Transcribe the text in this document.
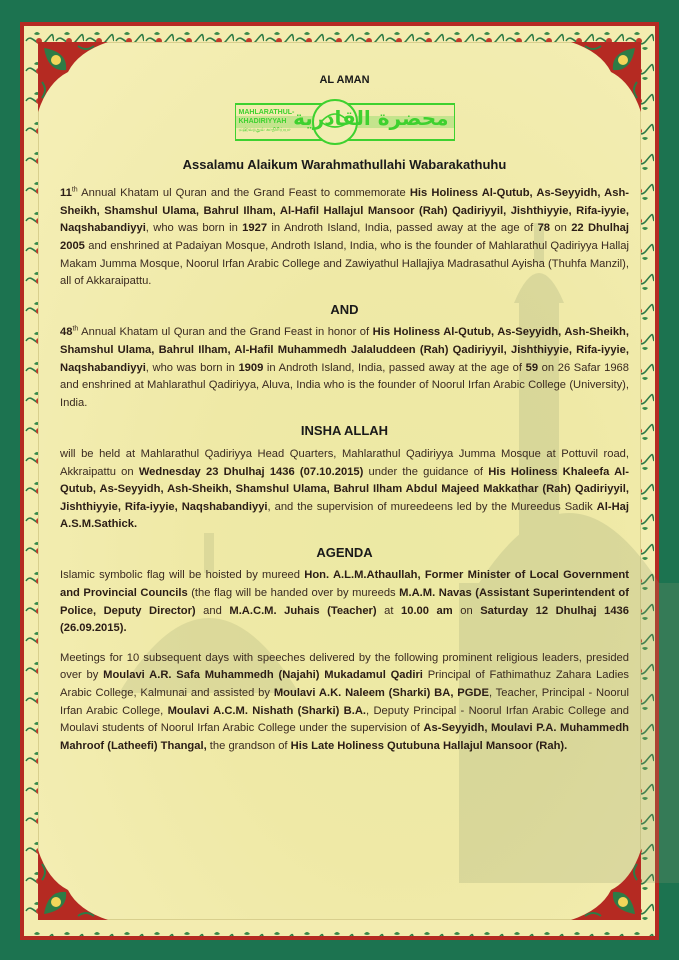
AL AMAN
MAHLARATHUL-
KHADIRIYYAH
மஹ்லறதுல் காதிரிய்யா محضرة القادرية
Assalamu Alaikum Warahmathullahi Wabarakathuhu

11th Annual Khatam ul Quran and the Grand Feast to commemorate His Holiness Al-Qutub, As-Seyyidh, Ash-Sheikh, Shamshul Ulama, Bahrul Ilham, Al-Hafil Hallajul Mansoor (Rah) Qadiriyyil, Jishthiyyie, Rifa-iyyie, Naqshabandiyyi, who was born in 1927 in Androth Island, India, passed away at the age of 78 on 22 Dhulhaj 2005 and enshrined at Padaiyan Mosque, Androth Island, India, who is the founder of Mahlarathul Qadiriyya Hallaj Makam Jumma Mosque, Noorul Irfan Arabic College and Zawiyathul Hallajiya Madrasathul Ayisha (Thuhfa Manzil), all of Akkaraipattu.

AND

48th Annual Khatam ul Quran and the Grand Feast in honor of His Holiness Al-Qutub, As-Seyyidh, Ash-Sheikh, Shamshul Ulama, Bahrul Ilham, Al-Hafil Muhammedh Jalaluddeen (Rah) Qadiriyyil, Jishthiyyie, Rifa-iyyie, Naqshabandiyyi, who was born in 1909 in Androth Island, India, passed away at the age of 59 on 26 Safar 1968 and enshrined at Mahlarathul Qadiriyya, Aluva, India who is the founder of Noorul Irfan Arabic College (University), India.

INSHA ALLAH

will be held at Mahlarathul Qadiriyya Head Quarters, Mahlarathul Qadiriyya Jumma Mosque at Pottuvil road, Akkraipattu on Wednesday 23 Dhulhaj 1436 (07.10.2015) under the guidance of His Holiness Khaleefa Al-Qutub, As-Seyyidh, Ash-Sheikh, Shamshul Ulama, Bahrul Ilham Abdul Majeed Makkathar (Rah) Qadiriyyil, Jishthiyyie, Rifa-iyyie, Naqshabandiyyi, and the supervision of mureedeens led by the Mureedus Sadik Al-Haj A.S.M.Sathick.

AGENDA

Islamic symbolic flag will be hoisted by mureed Hon. A.L.M.Athaullah, Former Minister of Local Government and Provincial Councils (the flag will be handed over by mureeds M.A.M. Navas (Assistant Superintendent of Police, Deputy Director) and M.A.C.M. Juhais (Teacher) at 10.00 am on Saturday 12 Dhulhaj 1436 (26.09.2015).

Meetings for 10 subsequent days with speeches delivered by the following prominent religious leaders, presided over by Moulavi A.R. Safa Muhammedh (Najahi) Mukadamul Qadiri Principal of Fathimathuz Zahara Ladies Arabic College, Kalmunai and assisted by Moulavi A.K. Naleem (Sharki) BA, PGDE, Teacher, Principal - Noorul Irfan Arabic College, Moulavi A.C.M. Nishath (Sharki) B.A., Deputy Principal - Noorul Irfan Arabic College and Moulavi students of Noorul Irfan Arabic College under the supervision of As-Seyyidh, Moulavi P.A. Muhammedh Mahroof (Latheefi) Thangal, the grandson of His Late Holiness Qutubuna Hallajul Mansoor (Rah).
